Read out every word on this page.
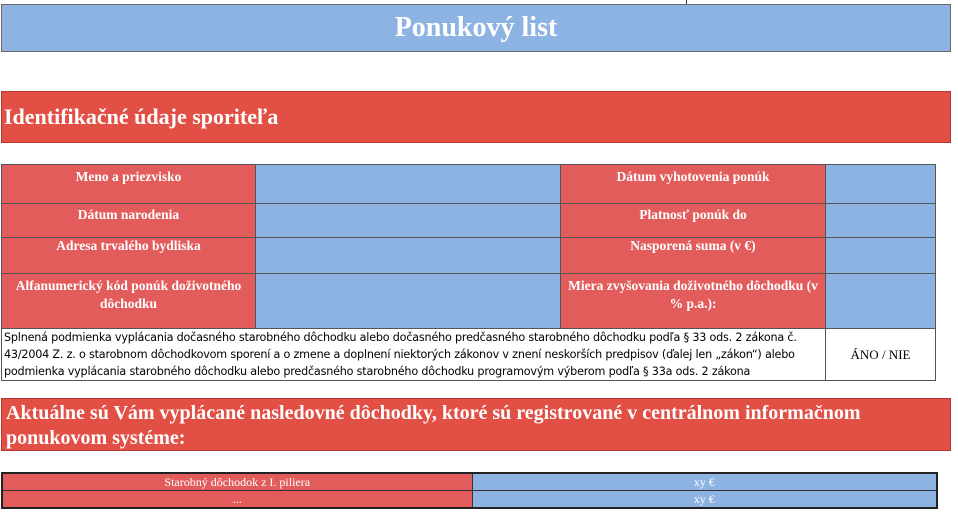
Ponukový list
Identifikačné údaje sporiteľa
Meno a priezvisko		Dátum vyhotovenia ponúk	
Dátum narodenia		Platnosť ponúk do	
Adresa trvalého bydliska		Nasporená suma (v €)	
Alfanumerický kód ponúk doživotného dôchodku		Miera zvyšovania doživotného dôchodku (v % p.a.):	
Splnená podmienka vyplácania dočasného starobného dôchodku alebo dočasného predčasného starobného dôchodku podľa § 33 ods. 2 zákona č. 43/2004 Z. z. o starobnom dôchodkovom sporení a o zmene a doplnení niektorých zákonov v znení neskorších predpisov (ďalej len „zákon“) alebo podmienka vyplácania starobného dôchodku alebo predčasného starobného dôchodku programovým výberom podľa § 33a ods. 2 zákona			ÁNO / NIE
Aktuálne sú Vám vyplácané nasledovné dôchodky, ktoré sú registrované v centrálnom informačnom ponukovom systéme:
Starobný dôchodok z I. piliera	xy €
...	xy €
